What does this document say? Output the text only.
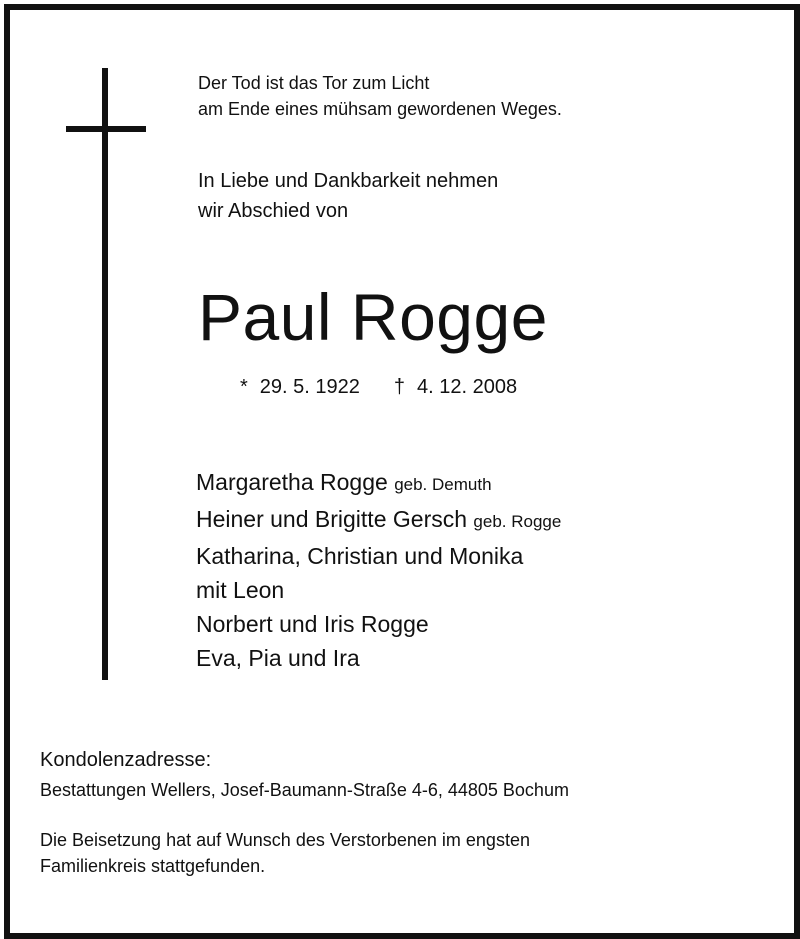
Der Tod ist das Tor zum Licht
am Ende eines mühsam gewordenen Weges.
In Liebe und Dankbarkeit nehmen
wir Abschied von
Paul Rogge
* 29. 5. 1922 † 4. 12. 2008
Margaretha Rogge geb. Demuth
Heiner und Brigitte Gersch geb. Rogge
Katharina, Christian und Monika
mit Leon
Norbert und Iris Rogge
Eva, Pia und Ira
Kondolenzadresse:
Bestattungen Wellers, Josef-Baumann-Straße 4-6, 44805 Bochum
Die Beisetzung hat auf Wunsch des Verstorbenen im engsten
Familienkreis stattgefunden.
